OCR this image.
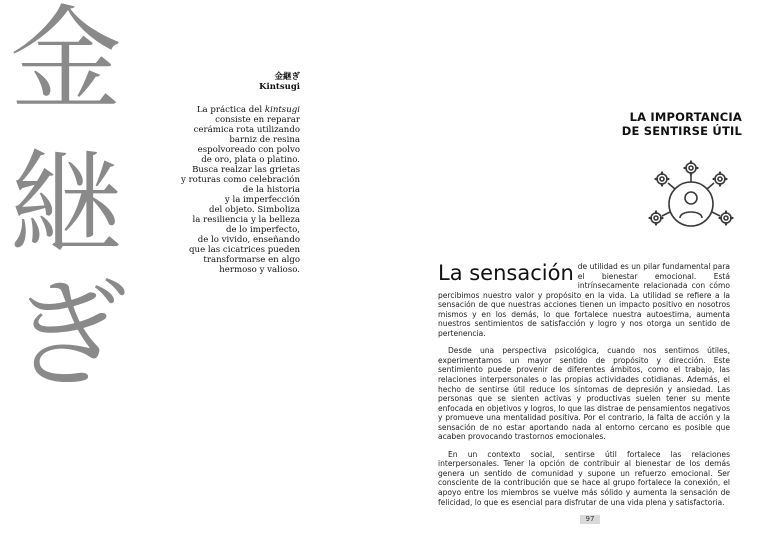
金
継
ぎ
金継ぎ
Kintsugi
La práctica del kintsugi
consiste en reparar
cerámica rota utilizando
barniz de resina
espolvoreado con polvo
de oro, plata o platino.
Busca realzar las grietas
y roturas como celebración
de la historia
y la imperfección
del objeto. Simboliza
la resiliencia y la belleza
de lo imperfecto,
de lo vivido, enseñando
que las cicatrices pueden
transformarse en algo
hermoso y valioso.
LA IMPORTANCIA
DE SENTIRSE ÚTIL

La sensación de utilidad es un pilar fundamental para el bienestar emocional. Está intrínsecamente relacionada con cómo percibimos nuestro valor y propósito en la vida. La utilidad se refiere a la sensación de que nuestras acciones tienen un impacto positivo en nosotros mismos y en los demás, lo que fortalece nuestra autoestima, aumenta nuestros sentimientos de satisfacción y logro y nos otorga un sentido de pertenencia.

Desde una perspectiva psicológica, cuando nos sentimos útiles, experimentamos un mayor sentido de propósito y dirección. Este sentimiento puede provenir de diferentes ámbitos, como el trabajo, las relaciones interpersonales o las propias actividades cotidianas. Además, el hecho de sentirse útil reduce los síntomas de depresión y ansiedad. Las personas que se sienten activas y productivas suelen tener su mente enfocada en objetivos y logros, lo que las distrae de pensamientos negativos y promueve una mentalidad positiva. Por el contrario, la falta de acción y la sensación de no estar aportando nada al entorno cercano es posible que acaben provocando trastornos emocionales.

En un contexto social, sentirse útil fortalece las relaciones interpersonales. Tener la opción de contribuir al bienestar de los demás genera un sentido de comunidad y supone un refuerzo emocional. Ser consciente de la contribución que se hace al grupo fortalece la conexión, el apoyo entre los miembros se vuelve más sólido y aumenta la sensación de felicidad, lo que es esencial para disfrutar de una vida plena y satisfactoria.

97
